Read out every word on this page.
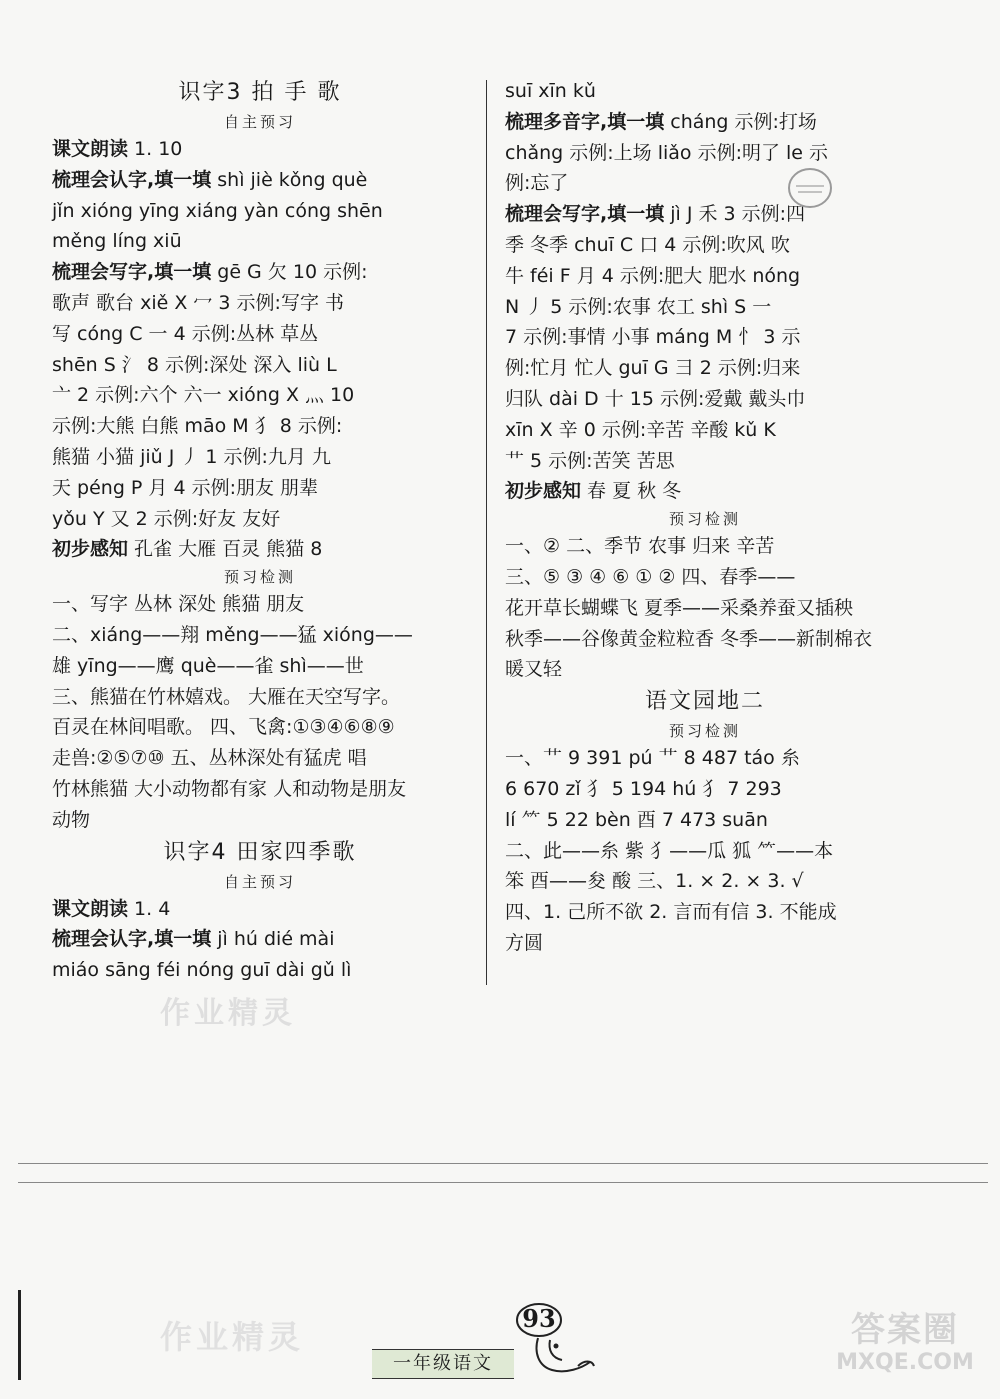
识字3 拍 手 歌
自主预习
课文朗读 1. 10
梳理会认字,填一填 shì jiè kǒng què
jǐn xióng yīng xiáng yàn cóng shēn
měng líng xiū
梳理会写字,填一填 gē G 欠 10 示例:
歌声 歌台 xiě X 冖 3 示例:写字 书
写 cóng C 一 4 示例:丛林 草丛
shēn S 氵 8 示例:深处 深入 liù L
亠 2 示例:六个 六一 xióng X 灬 10
示例:大熊 白熊 māo M 犭 8 示例:
熊猫 小猫 jiǔ J 丿 1 示例:九月 九
天 péng P 月 4 示例:朋友 朋辈
yǒu Y 又 2 示例:好友 友好
初步感知 孔雀 大雁 百灵 熊猫 8
预习检测
一、写字 丛林 深处 熊猫 朋友
二、xiáng——翔 měng——猛 xióng——
雄 yīng——鹰 què——雀 shì——世
三、熊猫在竹林嬉戏。 大雁在天空写字。
百灵在林间唱歌。 四、飞禽:①③④⑥⑧⑨
走兽:②⑤⑦⑩ 五、丛林深处有猛虎 唱
竹林熊猫 大小动物都有家 人和动物是朋友
动物
识字4 田家四季歌
自主预习
课文朗读 1. 4
梳理会认字,填一填 jì hú dié mài
miáo sāng féi nóng guī dài gǔ lì
suī xīn kǔ
梳理多音字,填一填 cháng 示例:打场
chǎng 示例:上场 liǎo 示例:明了 le 示
例:忘了
梳理会写字,填一填 jì J 禾 3 示例:四
季 冬季 chuī C 口 4 示例:吹风 吹
牛 féi F 月 4 示例:肥大 肥水 nóng
N 丿 5 示例:农事 农工 shì S 一
7 示例:事情 小事 máng M 忄 3 示
例:忙月 忙人 guī G 彐 2 示例:归来
归队 dài D 十 15 示例:爱戴 戴头巾
xīn X 辛 0 示例:辛苦 辛酸 kǔ K
艹 5 示例:苦笑 苦思
初步感知 春 夏 秋 冬
预习检测
一、② 二、季节 农事 归来 辛苦
三、⑤ ③ ④ ⑥ ① ② 四、春季——
花开草长蝴蝶飞 夏季——采桑养蚕又插秧
秋季——谷像黄金粒粒香 冬季——新制棉衣
暖又轻
语文园地二
预习检测
一、艹 9 391 pú 艹 8 487 táo 糸
6 670 zǐ 犭 5 194 hú 犭 7 293
lí ⺮ 5 22 bèn 酉 7 473 suān
二、此——糸 紫 犭——瓜 狐 ⺮——本
笨 酉——夋 酸 三、1. × 2. × 3. √
四、1. 己所不欲 2. 言而有信 3. 不能成
方圆
作业精灵
作业精灵	答案圈
MXQE.COM
93
一年级语文
